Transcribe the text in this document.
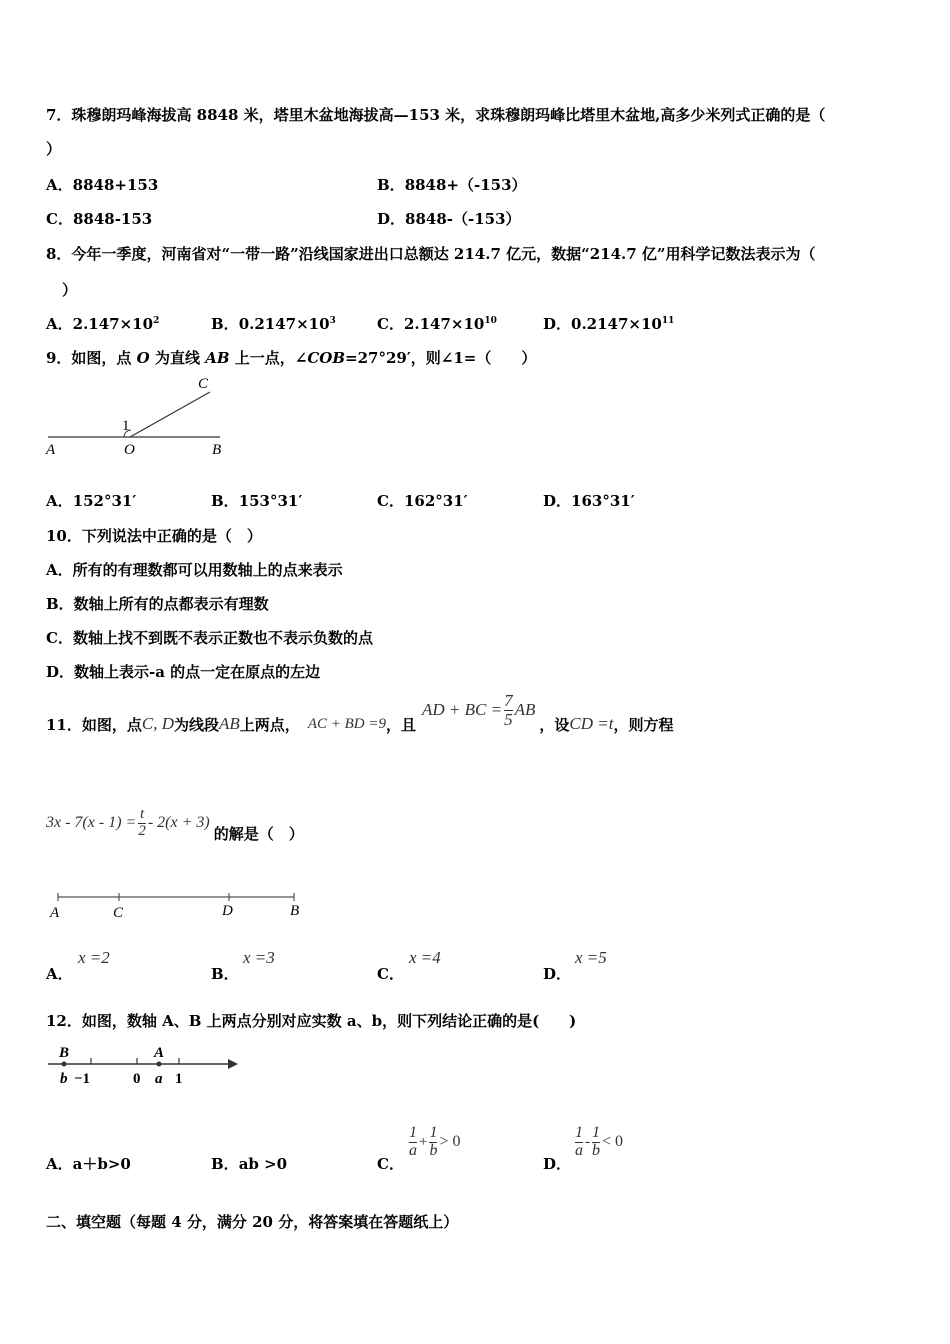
7．珠穆朗玛峰海拔高 8848 米，塔里木盆地海拔高—153 米，求珠穆朗玛峰比塔里木盆地,高多少米列式正确的是（
）
A．8848+153	B．8848+（-153）
C．8848-153	D．8848-（-153）
8．今年一季度，河南省对“一带一路”沿线国家进出口总额达 214.7 亿元，数据“214.7 亿”用科学记数法表示为（
）
A．$2.147\times 10^2$	B．$0.2147\times 10^3$	C．$2.147\times 10^{10}$	D．$0.2147\times 10^{11}$
9．如图，点 O 为直线 AB 上一点，∠COB=27°29′，则∠1=（　　）
A	O	B
C
1
A．152°31′	B．153°31′	C．162°31′	D．163°31′
10．下列说法中正确的是（　）
A．所有的有理数都可以用数轴上的点来表示
B．数轴上所有的点都表示有理数
C．数轴上找不到既不表示正数也不表示负数的点
D．数轴上表示-a 的点一定在原点的左边
11．如图，点 C, D 为线段 AB 上两点， AC + BD =9 ，且
AD + BC = $\frac{7}{5}$ AB
，设 CD =t ，则方程
$3x - 7(x - 1) = \frac{t}{2} - 2(x + 3)$
的解是（　）
A	C	D	B
A．
x =2
B．
x =3
C．
x =4
D．
x =5
12．如图，数轴 A、B 上两点分别对应实数 a、b，则下列结论正确的是(　　)
B	A
b −1	0 a 1
A．a＋b>0	B．ab >0	C．
$\frac{1}{a} + \frac{1}{b} > 0$
D．
$\frac{1}{a} - \frac{1}{b} < 0$
二、填空题（每题 4 分，满分 20 分，将答案填在答题纸上）
